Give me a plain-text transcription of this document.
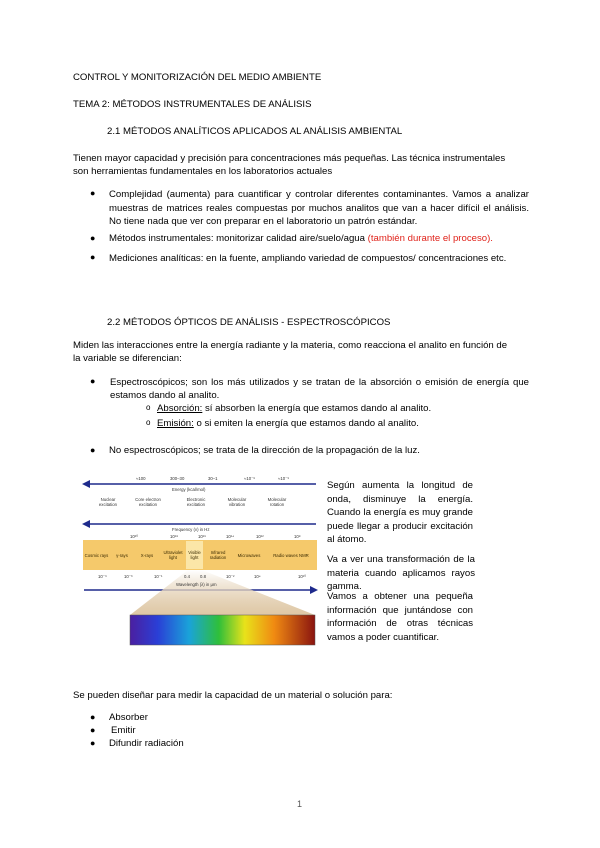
CONTROL Y MONITORIZACIÓN DEL MEDIO AMBIENTE
TEMA 2: MÉTODOS INSTRUMENTALES DE ANÁLISIS
2.1 MÉTODOS ANALÍTICOS APLICADOS AL ANÁLISIS AMBIENTAL
Tienen mayor capacidad y precisión para concentraciones más pequeñas. Las técnica instrumentales
son herramientas fundamentales en los laboratorios actuales
● Complejidad (aumenta) para cuantificar y controlar diferentes contaminantes. Vamos a analizar muestras de matrices reales compuestas por muchos analitos que van a hacer difícil el análisis. No tiene nada que ver con preparar en el laboratorio un patrón estándar.
● Métodos instrumentales: monitorizar calidad aire/suelo/agua (también durante el proceso).
● Mediciones analíticas: en la fuente, ampliando variedad de compuestos/ concentraciones etc.
2.2 MÉTODOS ÓPTICOS DE ANÁLISIS - ESPECTROSCÓPICOS
Miden las interacciones entre la energía radiante y la materia, como reacciona el analito en función de
la variable se diferencian:
● Espectroscópicos; son los más utilizados y se tratan de la absorción o emisión de energía que estamos dando al analito.
o Absorción: sí absorben la energía que estamos dando al analito.
o Emisión: o si emiten la energía que estamos dando al analito.
● No espectroscópicos; se trata de la dirección de la propagación de la luz.
≈100	300–30	30–1	≈10⁻⁶	≈10⁻⁹
Energy (kcal/mol)
Nuclear excitation
Core electron excitation
Electronic excitation
Molecular vibration
Molecular rotation
Frequency (ν) in Hz
10²⁰	10¹⁸	10¹⁶	10¹⁴	10¹²	10⁸
Cosmic rays	γ-rays	X-rays	Ultraviolet light
Visible light
Infrared radiation	Microwaves	Radio waves NMR
10⁻⁹	10⁻³	10⁻¹	0.4 0.8	10⁻²	10⁴	10¹⁰
Wavelength (λ) in μm
Según aumenta la longitud de onda, disminuye la energía. Cuando la energía es muy grande puede llegar a producir excitación al átomo.
Va a ver una transformación de la materia cuando aplicamos rayos gamma.
Vamos a obtener una pequeña información que juntándose con información de otras técnicas vamos a poder cuantificar.
Se pueden diseñar para medir la capacidad de un material o solución para:
● Absorber
● Emitir
● Difundir radiación
1
